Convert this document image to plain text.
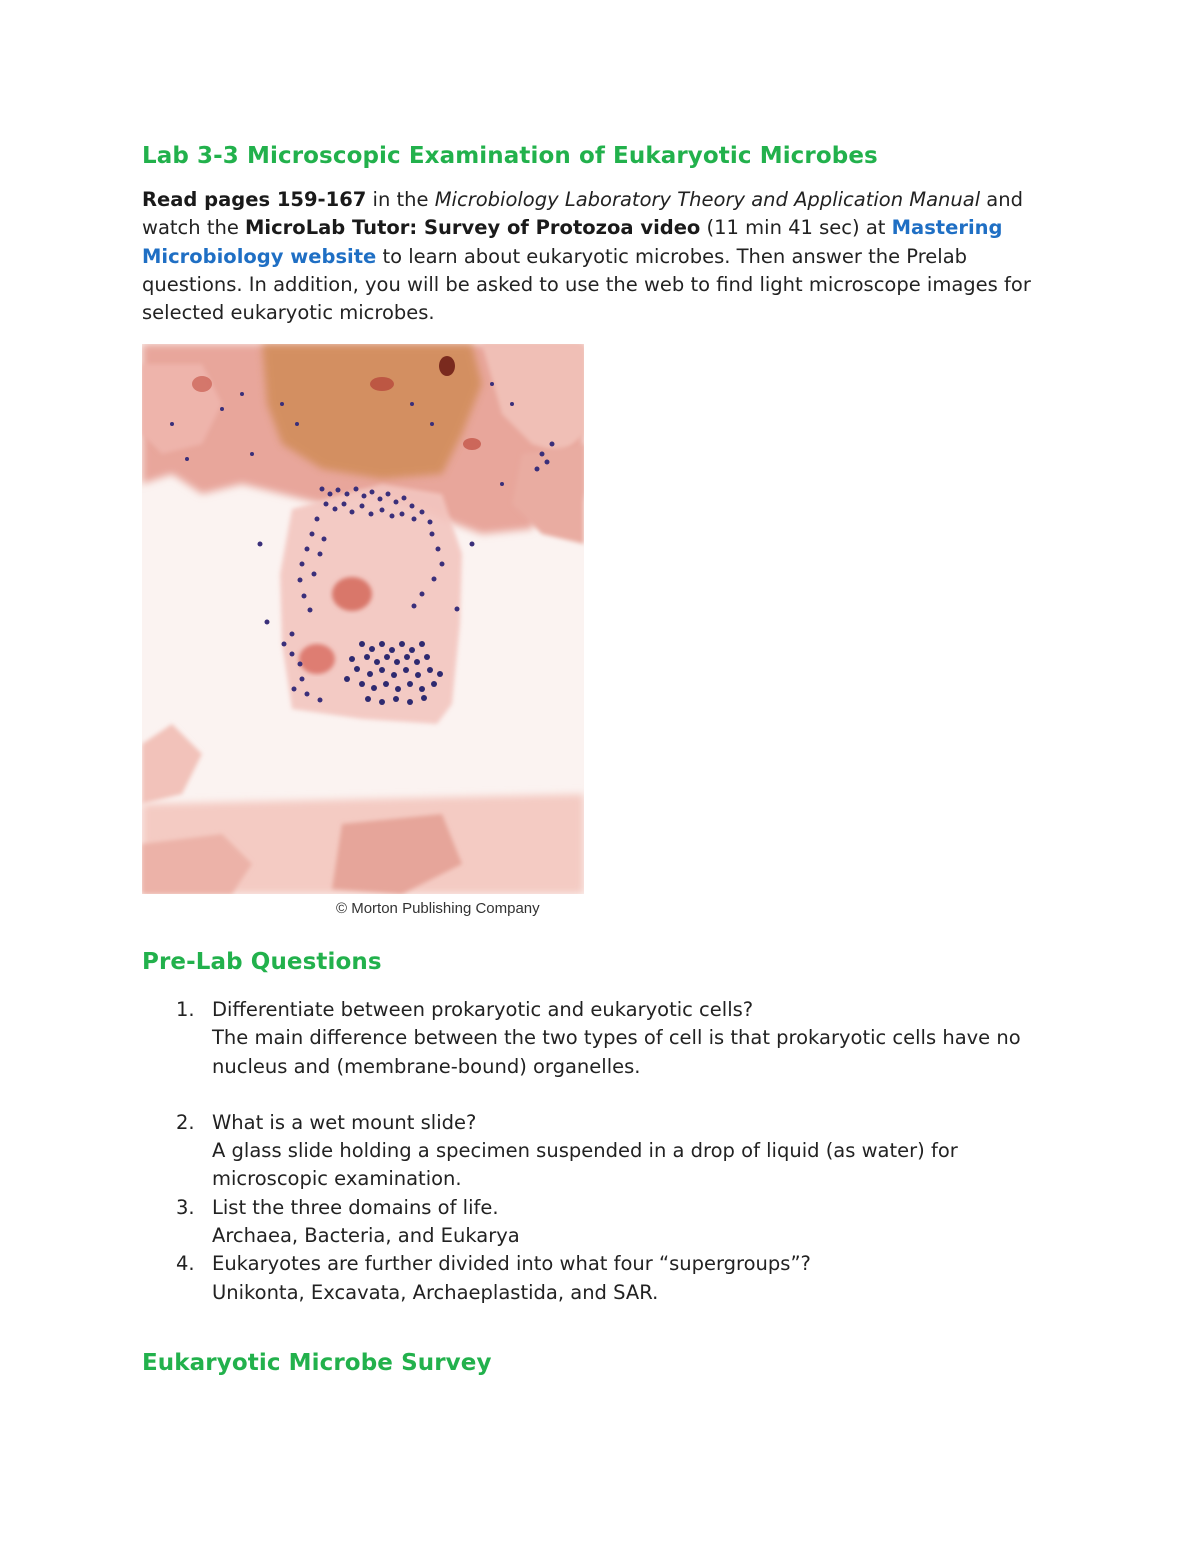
Lab 3-3 Microscopic Examination of Eukaryotic Microbes

Read pages 159-167 in the Microbiology Laboratory Theory and Application Manual and watch the MicroLab Tutor: Survey of Protozoa video (11 min 41 sec) at Mastering Microbiology website to learn about eukaryotic microbes. Then answer the Prelab questions. In addition, you will be asked to use the web to find light microscope images for selected eukaryotic microbes.

© Morton Publishing Company
Pre-Lab Questions
1. Differentiate between prokaryotic and eukaryotic cells?
The main difference between the two types of cell is that prokaryotic cells have no nucleus and (membrane-bound) organelles.
2. What is a wet mount slide?
A glass slide holding a specimen suspended in a drop of liquid (as water) for microscopic examination.
3. List the three domains of life.
Archaea, Bacteria, and Eukarya
4. Eukaryotes are further divided into what four “supergroups”?
Unikonta, Excavata, Archaeplastida, and SAR.
Eukaryotic Microbe Survey
